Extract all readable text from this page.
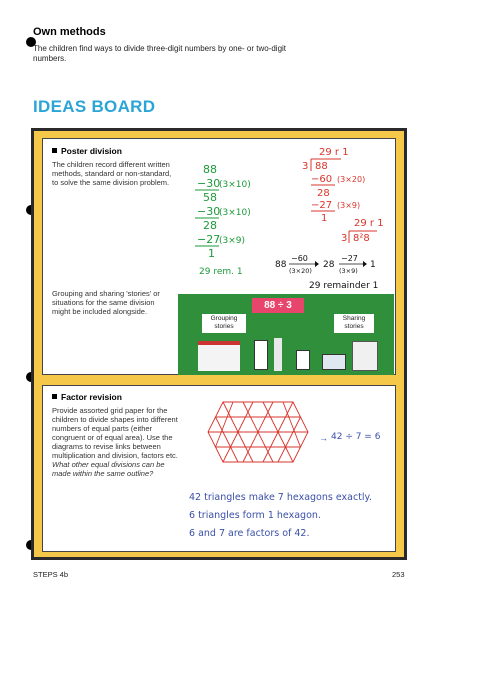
Own methods

The children find ways to divide three-digit numbers by one- or two-digit numbers.

IDEAS BOARD
Poster division
The children record different written methods, standard or non-standard, to solve the same division problem.
Grouping and sharing 'stories' or situations for the same division might be included alongside.
88
−30
(3×10)
58
−30
(3×10)
28
−27
(3×9)
1
29 rem. 1
29 r 1
3 88
−60 (3×20)
28
−27 (3×9)
1	29 r 1
3 8²8
88
−60
(3×20)
28
−27
(3×9)
1
29 remainder 1
88 ÷ 3
Grouping stories
Sharing stories
Factor revision
Provide assorted grid paper for the children to divide shapes into different numbers of equal parts (either congruent or of equal area). Use the diagrams to revise links between multiplication and division, factors etc. What other equal divisions can be made within the same outline?
→ 42 ÷ 7 = 6
42 triangles make 7 hexagons exactly.
6 triangles form 1 hexagon.
6 and 7 are factors of 42.
STEPS 4b	253
